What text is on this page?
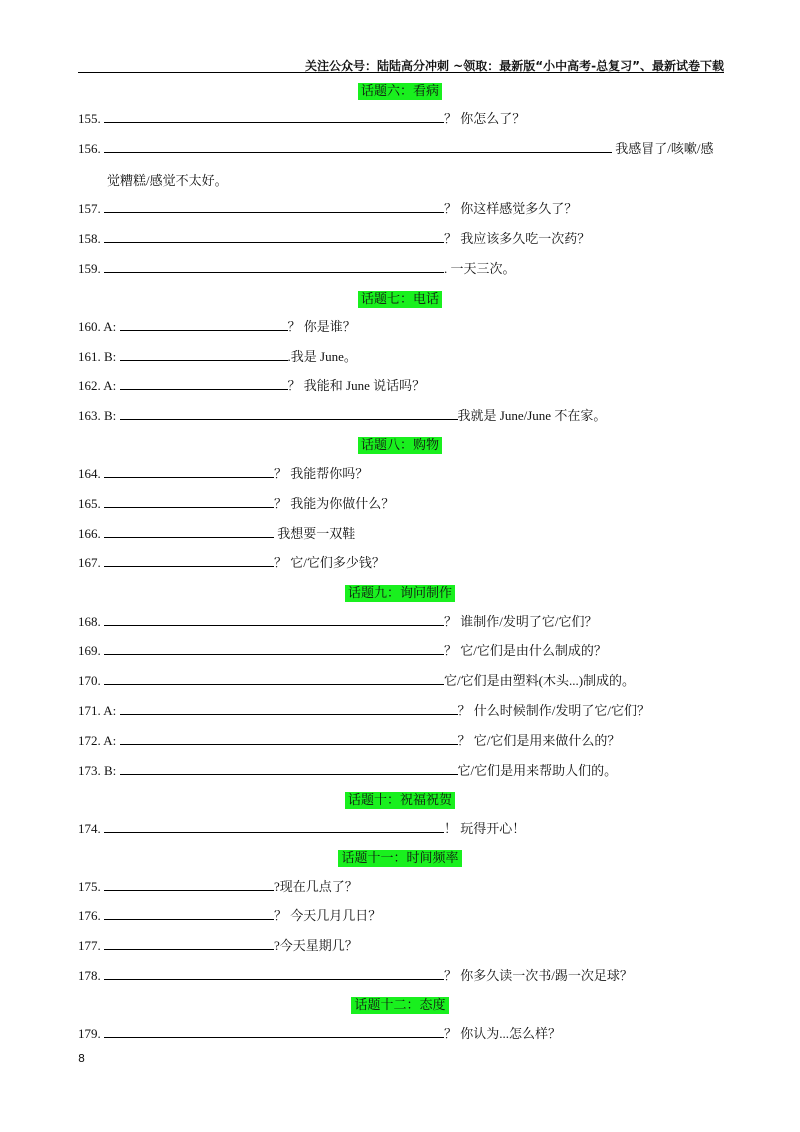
关注公众号：陆陆高分冲刺 ~领取：最新版“小中高考-总复习”、最新试卷下载
话题六：看病
155.	？ 你怎么了？
156.	我感冒了/咳嗽/感
觉糟糕/感觉不太好。
157.	？ 你这样感觉多久了？
158.	？ 我应该多久吃一次药？
159.	. 一天三次。
话题七：电话
160. A:	？ 你是谁？
161. B:	.我是 June。
162. A:	？ 我能和 June 说话吗？
163. B:	我就是 June/June 不在家。
话题八：购物
164.	？ 我能帮你吗？
165.	？ 我能为你做什么？
166.	我想要一双鞋
167.	？ 它/它们多少钱？
话题九：询问制作
168.	？ 谁制作/发明了它/它们？
169.	？ 它/它们是由什么制成的？
170.	它/它们是由塑料(木头...)制成的。
171. A:	？ 什么时候制作/发明了它/它们？
172. A:	？ 它/它们是用来做什么的？
173. B:	它/它们是用来帮助人们的。
话题十：祝福祝贺
174.	！ 玩得开心！
话题十一：时间频率
175.	?现在几点了？
176.	？ 今天几月几日？
177.	?今天星期几？
178.	？ 你多久读一次书/踢一次足球？
话题十二：态度
179.	？ 你认为...怎么样？
8
